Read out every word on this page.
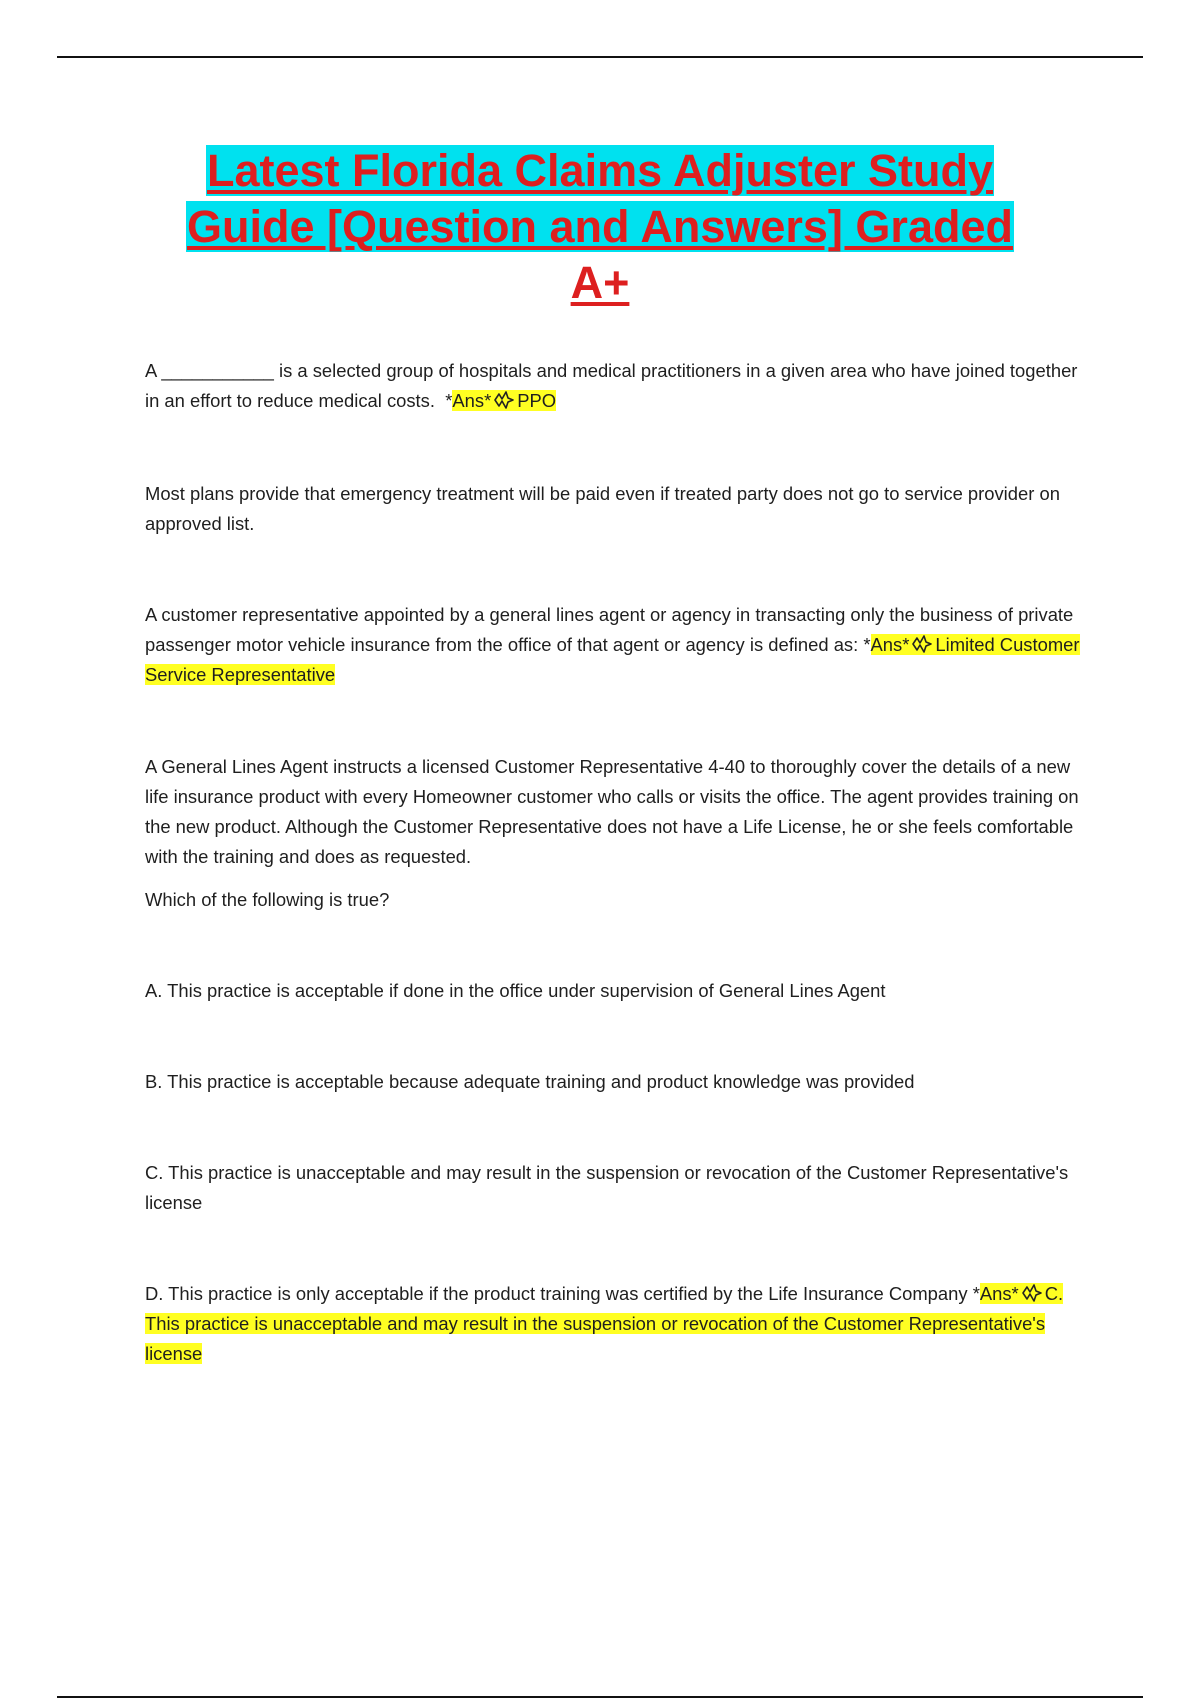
Latest Florida Claims Adjuster Study
Guide [Question and Answers] Graded
A+
A ___________ is a selected group of hospitals and medical practitioners in a given area who have joined together in an effort to reduce medical costs. *Ans* PPO
Most plans provide that emergency treatment will be paid even if treated party does not go to service provider on approved list.
A customer representative appointed by a general lines agent or agency in transacting only the business of private passenger motor vehicle insurance from the office of that agent or agency is defined as: *Ans* Limited Customer Service Representative
A General Lines Agent instructs a licensed Customer Representative 4-40 to thoroughly cover the details of a new life insurance product with every Homeowner customer who calls or visits the office. The agent provides training on the new product. Although the Customer Representative does not have a Life License, he or she feels comfortable with the training and does as requested.
Which of the following is true?
A. This practice is acceptable if done in the office under supervision of General Lines Agent
B. This practice is acceptable because adequate training and product knowledge was provided
C. This practice is unacceptable and may result in the suspension or revocation of the Customer Representative's license
D. This practice is only acceptable if the product training was certified by the Life Insurance Company *Ans* C. This practice is unacceptable and may result in the suspension or revocation of the Customer Representative's license
